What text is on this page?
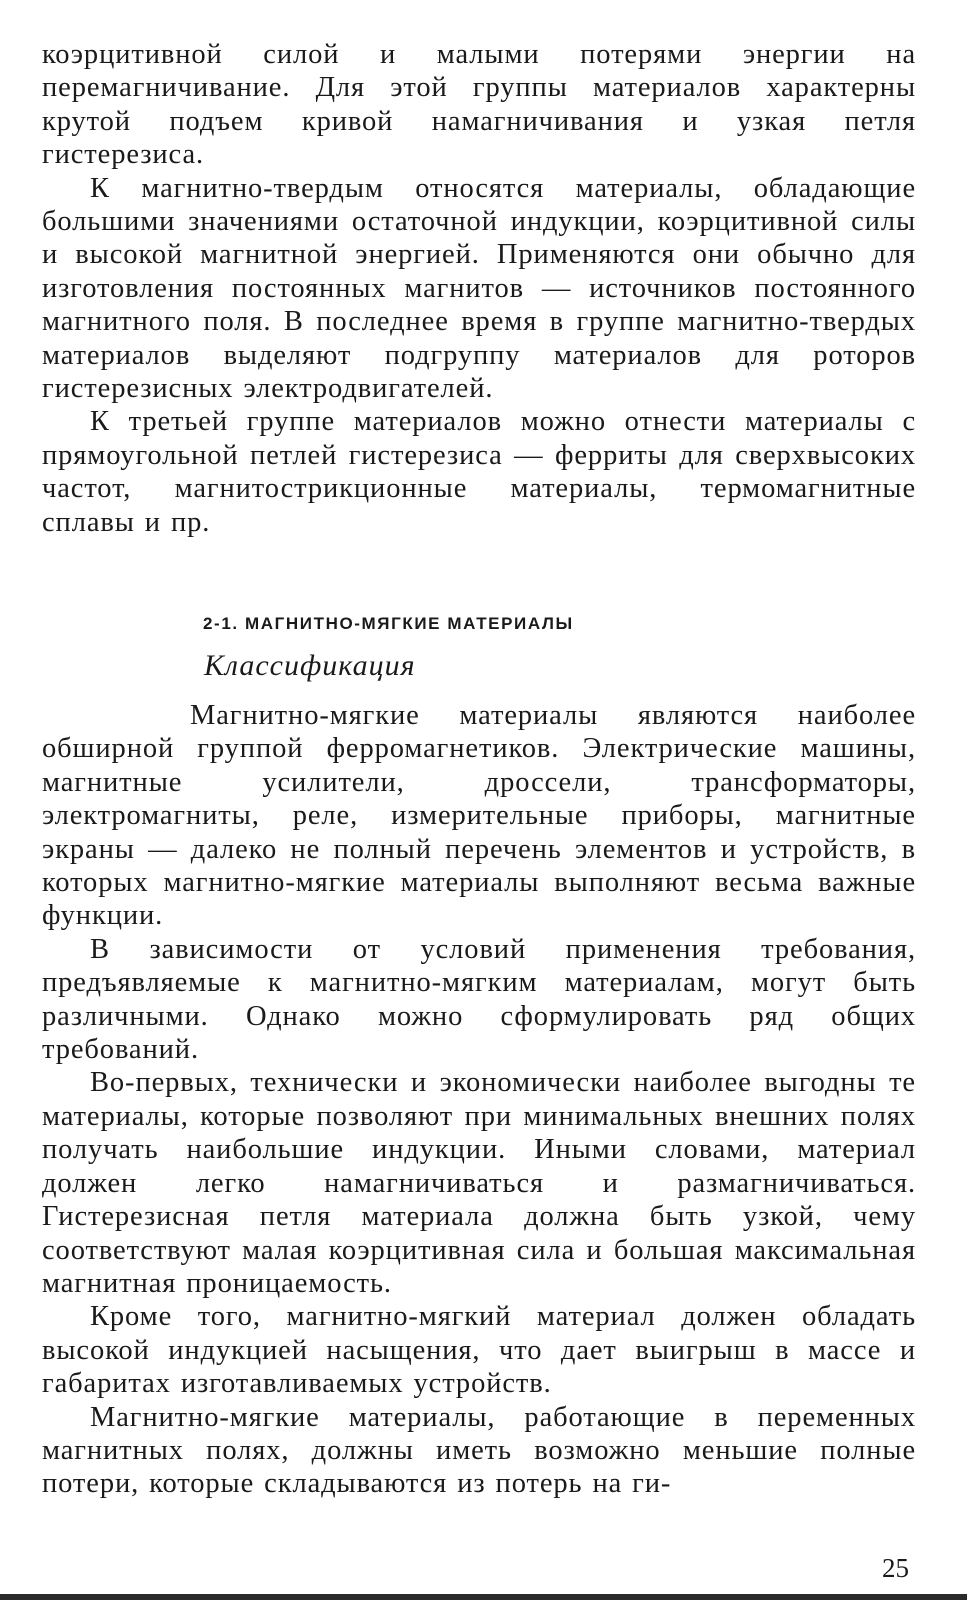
коэрцитивной силой и малыми потерями энергии на перемагничивание. Для этой группы материалов характерны крутой подъем кривой намагничивания и узкая петля гистерезиса.

К магнитно-твердым относятся материалы, обладающие большими значениями остаточной индукции, коэрцитивной силы и высокой магнитной энергией. Применяются они обычно для изготовления постоянных магнитов — источников постоянного магнитного поля. В последнее время в группе магнитно-твердых материалов выделяют подгруппу материалов для роторов гистерезисных электродвигателей.

К третьей группе материалов можно отнести материалы с прямоугольной петлей гистерезиса — ферриты для сверхвысоких частот, магнитострикционные материалы, термомагнитные сплавы и пр.

2-1. МАГНИТНО-МЯГКИЕ МАТЕРИАЛЫ
Классификация

Магнитно-мягкие материалы являются наиболее обширной группой ферромагнетиков. Электрические машины, магнитные усилители, дроссели, трансформаторы, электромагниты, реле, измерительные приборы, магнитные экраны — далеко не полный перечень элементов и устройств, в которых магнитно-мягкие материалы выполняют весьма важные функции.

В зависимости от условий применения требования, предъявляемые к магнитно-мягким материалам, могут быть различными. Однако можно сформулировать ряд общих требований.

Во-первых, технически и экономически наиболее выгодны те материалы, которые позволяют при минимальных внешних полях получать наибольшие индукции. Иными словами, материал должен легко намагничиваться и размагничиваться. Гистерезисная петля материала должна быть узкой, чему соответствуют малая коэрцитивная сила и большая максимальная магнитная проницаемость.

Кроме того, магнитно-мягкий материал должен обладать высокой индукцией насыщения, что дает выигрыш в массе и габаритах изготавливаемых устройств.

Магнитно-мягкие материалы, работающие в переменных магнитных полях, должны иметь возможно меньшие полные потери, которые складываются из потерь на ги-

25
